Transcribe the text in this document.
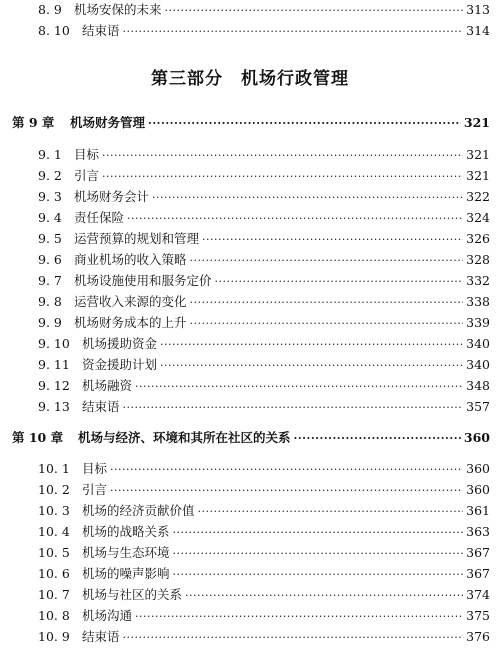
8. 9 机场安保的未来 ·····	313
8. 10 结束语 ·····	314
第三部分　机场行政管理
第 9 章	机场财务管理 ·····	321
9. 1 目标 ·····	321
9. 2 引言 ·····	321
9. 3 机场财务会计 ·····	322
9. 4 责任保险 ·····	324
9. 5 运营预算的规划和管理 ·····	326
9. 6 商业机场的收入策略 ·····	328
9. 7 机场设施使用和服务定价 ·····	332
9. 8 运营收入来源的变化 ·····	338
9. 9 机场财务成本的上升 ·····	339
9. 10 机场援助资金 ·····	340
9. 11 资金援助计划 ·····	340
9. 12 机场融资 ·····	348
9. 13 结束语 ·····	357
第 10 章	机场与经济、环境和其所在社区的关系 ·····	360
10. 1 目标 ·····	360
10. 2 引言 ·····	360
10. 3 机场的经济贡献价值 ·····	361
10. 4 机场的战略关系 ·····	363
10. 5 机场与生态环境 ·····	367
10. 6 机场的噪声影响 ·····	367
10. 7 机场与社区的关系 ·····	374
10. 8 机场沟通 ·····	375
10. 9 结束语 ·····	376
